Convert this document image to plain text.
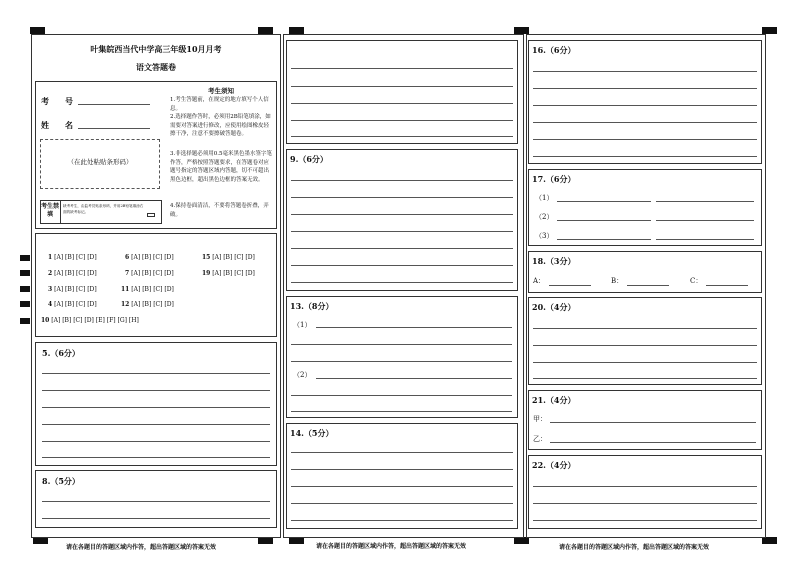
叶集皖西当代中学高三年级10月月考
语文答题卷
考　　号
姓　　名
（在此处粘贴条形码）
考生须知
1.考生答题前，在规定的地方填写个人信息。
2.选择题作答时，必须用2B铅笔填涂，如需要对答案进行修改，应使用绘图橡皮轻擦干净，注意不要擦破答题卷。
3.非选择题必须用0.5毫米黑色墨水签字笔作答，严格按照答题要求，在答题卷对应题号指定的答题区域内答题，切不可超出黑色边框，超出黑色边框的答案无效。
4.保持卷面清洁，不要将答题卷折叠，弄破。
考生禁填
缺考考生，由监考员贴条形码，并用2B铅笔填涂右面的缺考标记。
1 [A] [B] [C] [D]
2 [A] [B] [C] [D]
3 [A] [B] [C] [D]
4 [A] [B] [C] [D]
6 [A] [B] [C] [D]
7 [A] [B] [C] [D]
11 [A] [B] [C] [D]
12 [A] [B] [C] [D]
15 [A] [B] [C] [D]
19 [A] [B] [C] [D]
10 [A] [B] [C] [D] [E] [F] [G] [H]
5.（6分）
8.（5分）
9.（6分）
13.（8分）
（1）
（2）
14.（5分）
16.（6分）
17.（6分）
（1）
（2）
（3）
18.（3分）
A：	B：	C：
20.（4分）
21.（4分）
甲：
乙：
22.（4分）
请在各题目的答题区域内作答，超出答题区域的答案无效	请在各题目的答题区域内作答，超出答题区域的答案无效	请在各题目的答题区域内作答，超出答题区域的答案无效
